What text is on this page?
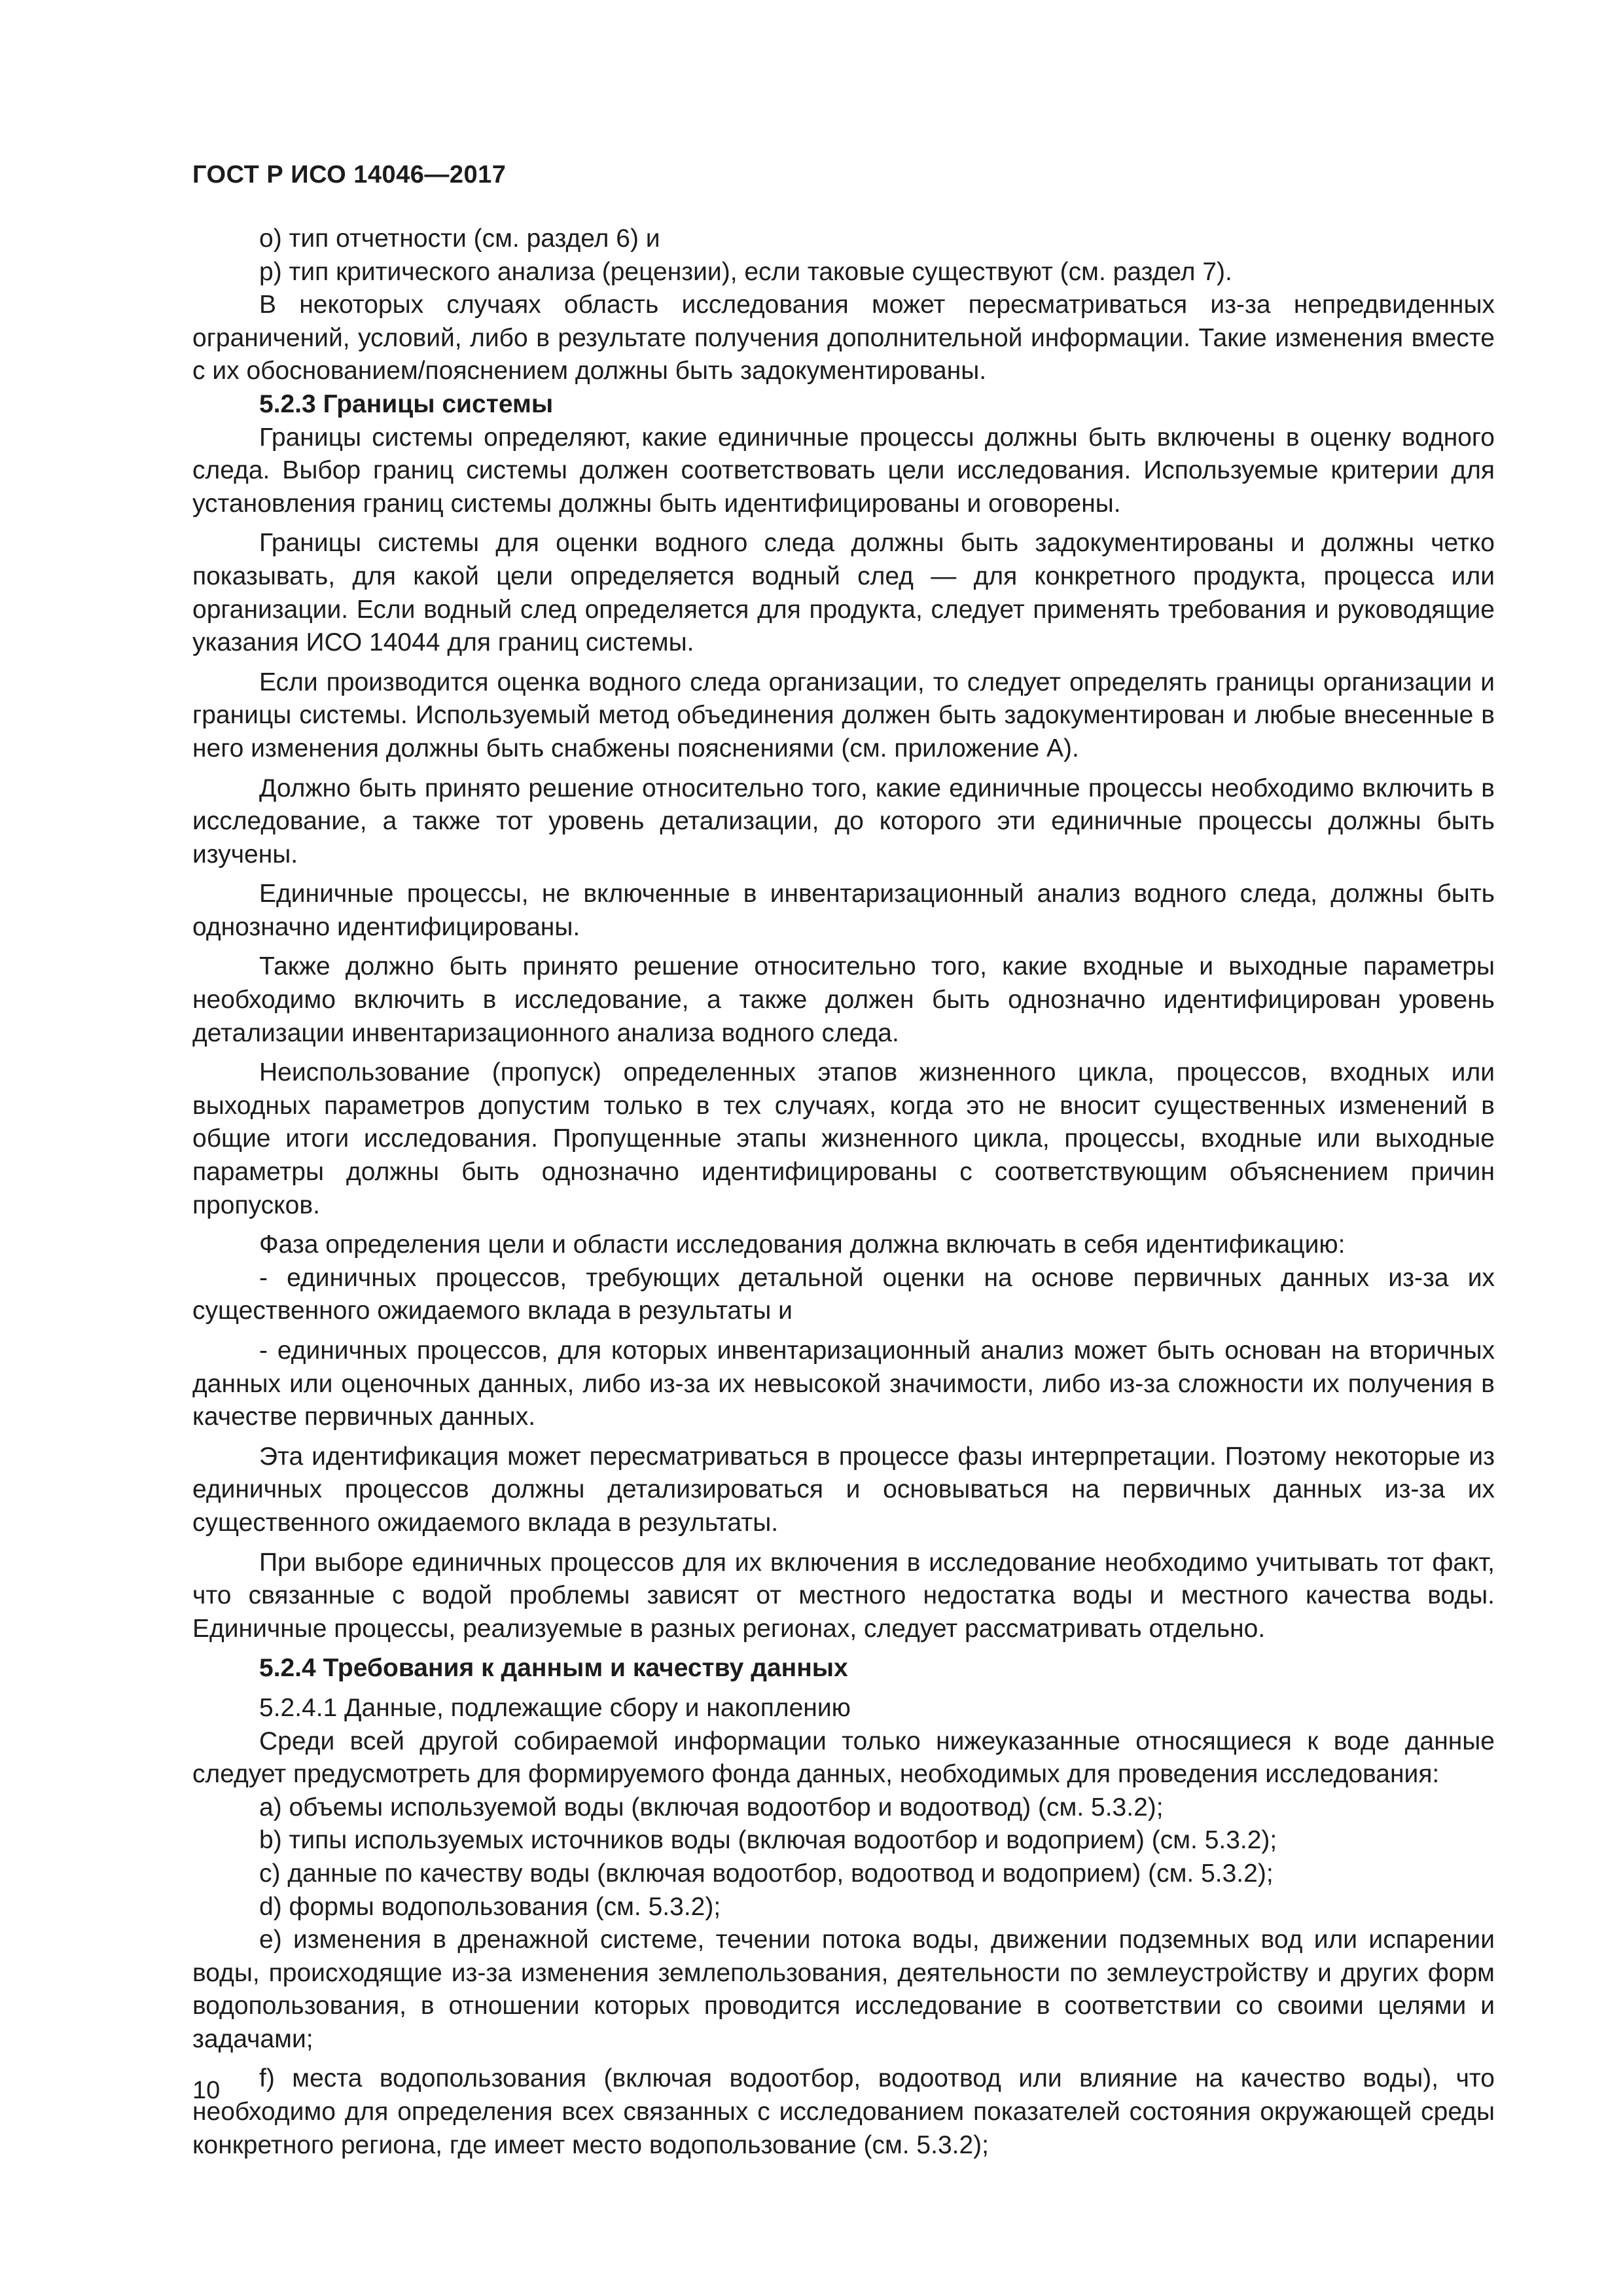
ГОСТ Р ИСО 14046—2017

o) тип отчетности (см. раздел 6) и

p) тип критического анализа (рецензии), если таковые существуют (см. раздел 7).

В некоторых случаях область исследования может пересматриваться из-за непредвиденных ограничений, условий, либо в результате получения дополнительной информации. Такие изменения вместе с их обоснованием/пояснением должны быть задокументированы.

5.2.3 Границы системы

Границы системы определяют, какие единичные процессы должны быть включены в оценку водного следа. Выбор границ системы должен соответствовать цели исследования. Используемые критерии для установления границ системы должны быть идентифицированы и оговорены.

Границы системы для оценки водного следа должны быть задокументированы и должны четко показывать, для какой цели определяется водный след — для конкретного продукта, процесса или организации. Если водный след определяется для продукта, следует применять требования и руководящие указания ИСО 14044 для границ системы.

Если производится оценка водного следа организации, то следует определять границы организации и границы системы. Используемый метод объединения должен быть задокументирован и любые внесенные в него изменения должны быть снабжены пояснениями (см. приложение А).

Должно быть принято решение относительно того, какие единичные процессы необходимо включить в исследование, а также тот уровень детализации, до которого эти единичные процессы должны быть изучены.

Единичные процессы, не включенные в инвентаризационный анализ водного следа, должны быть однозначно идентифицированы.

Также должно быть принято решение относительно того, какие входные и выходные параметры необходимо включить в исследование, а также должен быть однозначно идентифицирован уровень детализации инвентаризационного анализа водного следа.

Неиспользование (пропуск) определенных этапов жизненного цикла, процессов, входных или выходных параметров допустим только в тех случаях, когда это не вносит существенных изменений в общие итоги исследования. Пропущенные этапы жизненного цикла, процессы, входные или выходные параметры должны быть однозначно идентифицированы с соответствующим объяснением причин пропусков.

Фаза определения цели и области исследования должна включать в себя идентификацию:

- единичных процессов, требующих детальной оценки на основе первичных данных из-за их существенного ожидаемого вклада в результаты и

- единичных процессов, для которых инвентаризационный анализ может быть основан на вторичных данных или оценочных данных, либо из-за их невысокой значимости, либо из-за сложности их получения в качестве первичных данных.

Эта идентификация может пересматриваться в процессе фазы интерпретации. Поэтому некоторые из единичных процессов должны детализироваться и основываться на первичных данных из-за их существенного ожидаемого вклада в результаты.

При выборе единичных процессов для их включения в исследование необходимо учитывать тот факт, что связанные с водой проблемы зависят от местного недостатка воды и местного качества воды. Единичные процессы, реализуемые в разных регионах, следует рассматривать отдельно.

5.2.4 Требования к данным и качеству данных

5.2.4.1 Данные, подлежащие сбору и накоплению

Среди всей другой собираемой информации только нижеуказанные относящиеся к воде данные следует предусмотреть для формируемого фонда данных, необходимых для проведения исследования:

a) объемы используемой воды (включая водоотбор и водоотвод) (см. 5.3.2);

b) типы используемых источников воды (включая водоотбор и водоприем) (см. 5.3.2);

c) данные по качеству воды (включая водоотбор, водоотвод и водоприем) (см. 5.3.2);

d) формы водопользования (см. 5.3.2);

e) изменения в дренажной системе, течении потока воды, движении подземных вод или испарении воды, происходящие из-за изменения землепользования, деятельности по землеустройству и других форм водопользования, в отношении которых проводится исследование в соответствии со своими целями и задачами;

f) места водопользования (включая водоотбор, водоотвод или влияние на качество воды), что необходимо для определения всех связанных с исследованием показателей состояния окружающей среды конкретного региона, где имеет место водопользование (см. 5.3.2);

10
